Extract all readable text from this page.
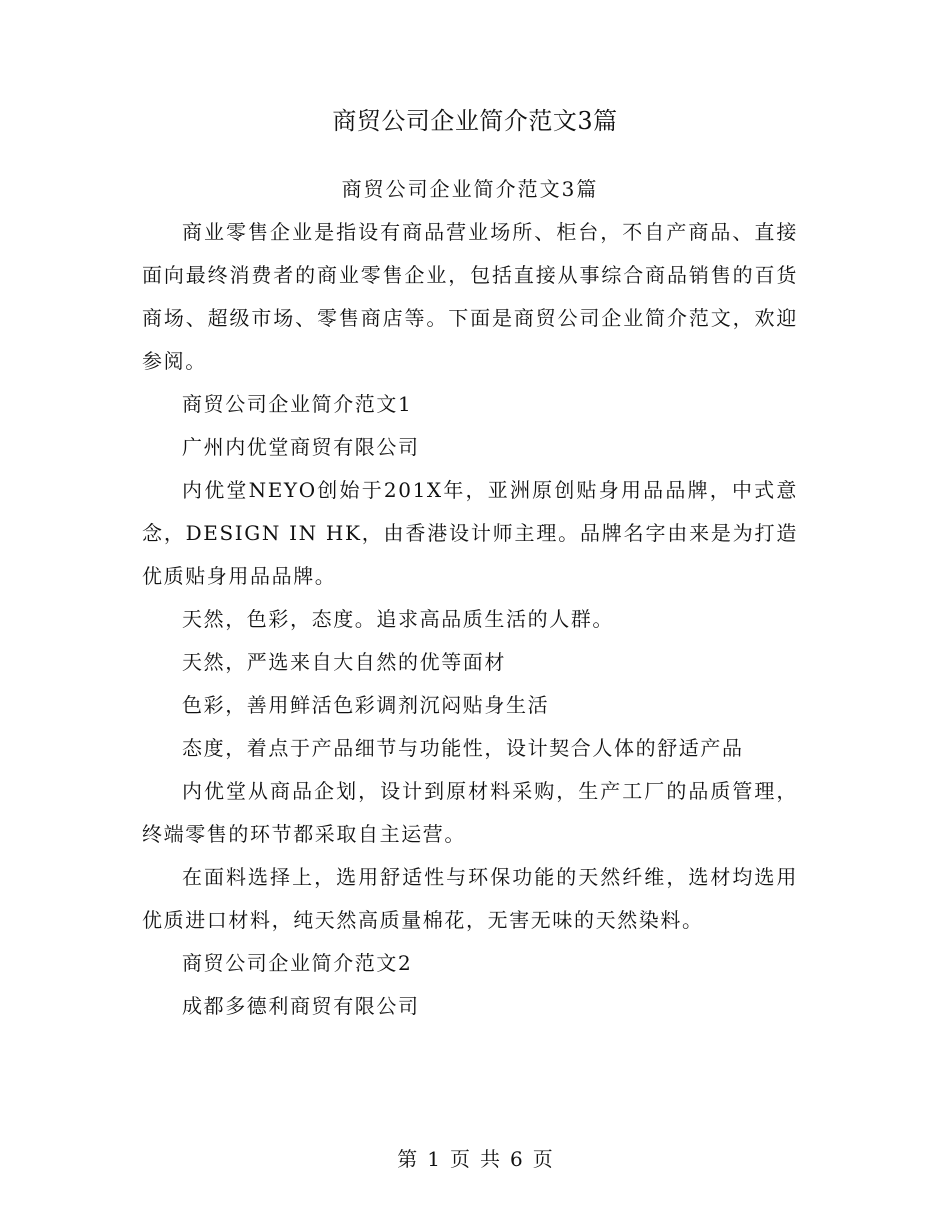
商贸公司企业简介范文3篇

商贸公司企业简介范文3篇

商业零售企业是指设有商品营业场所、柜台，不自产商品、直接面向最终消费者的商业零售企业，包括直接从事综合商品销售的百货商场、超级市场、零售商店等。下面是商贸公司企业简介范文，欢迎参阅。

商贸公司企业简介范文1

广州内优堂商贸有限公司

内优堂NEYO创始于201X年，亚洲原创贴身用品品牌，中式意念，DESIGN IN HK，由香港设计师主理。品牌名字由来是为打造优质贴身用品品牌。

天然，色彩，态度。追求高品质生活的人群。

天然，严选来自大自然的优等面材

色彩，善用鲜活色彩调剂沉闷贴身生活

态度，着点于产品细节与功能性，设计契合人体的舒适产品

内优堂从商品企划，设计到原材料采购，生产工厂的品质管理，终端零售的环节都采取自主运营。

在面料选择上，选用舒适性与环保功能的天然纤维，选材均选用优质进口材料，纯天然高质量棉花，无害无味的天然染料。

商贸公司企业简介范文2

成都多德利商贸有限公司

第 1 页 共 6 页
